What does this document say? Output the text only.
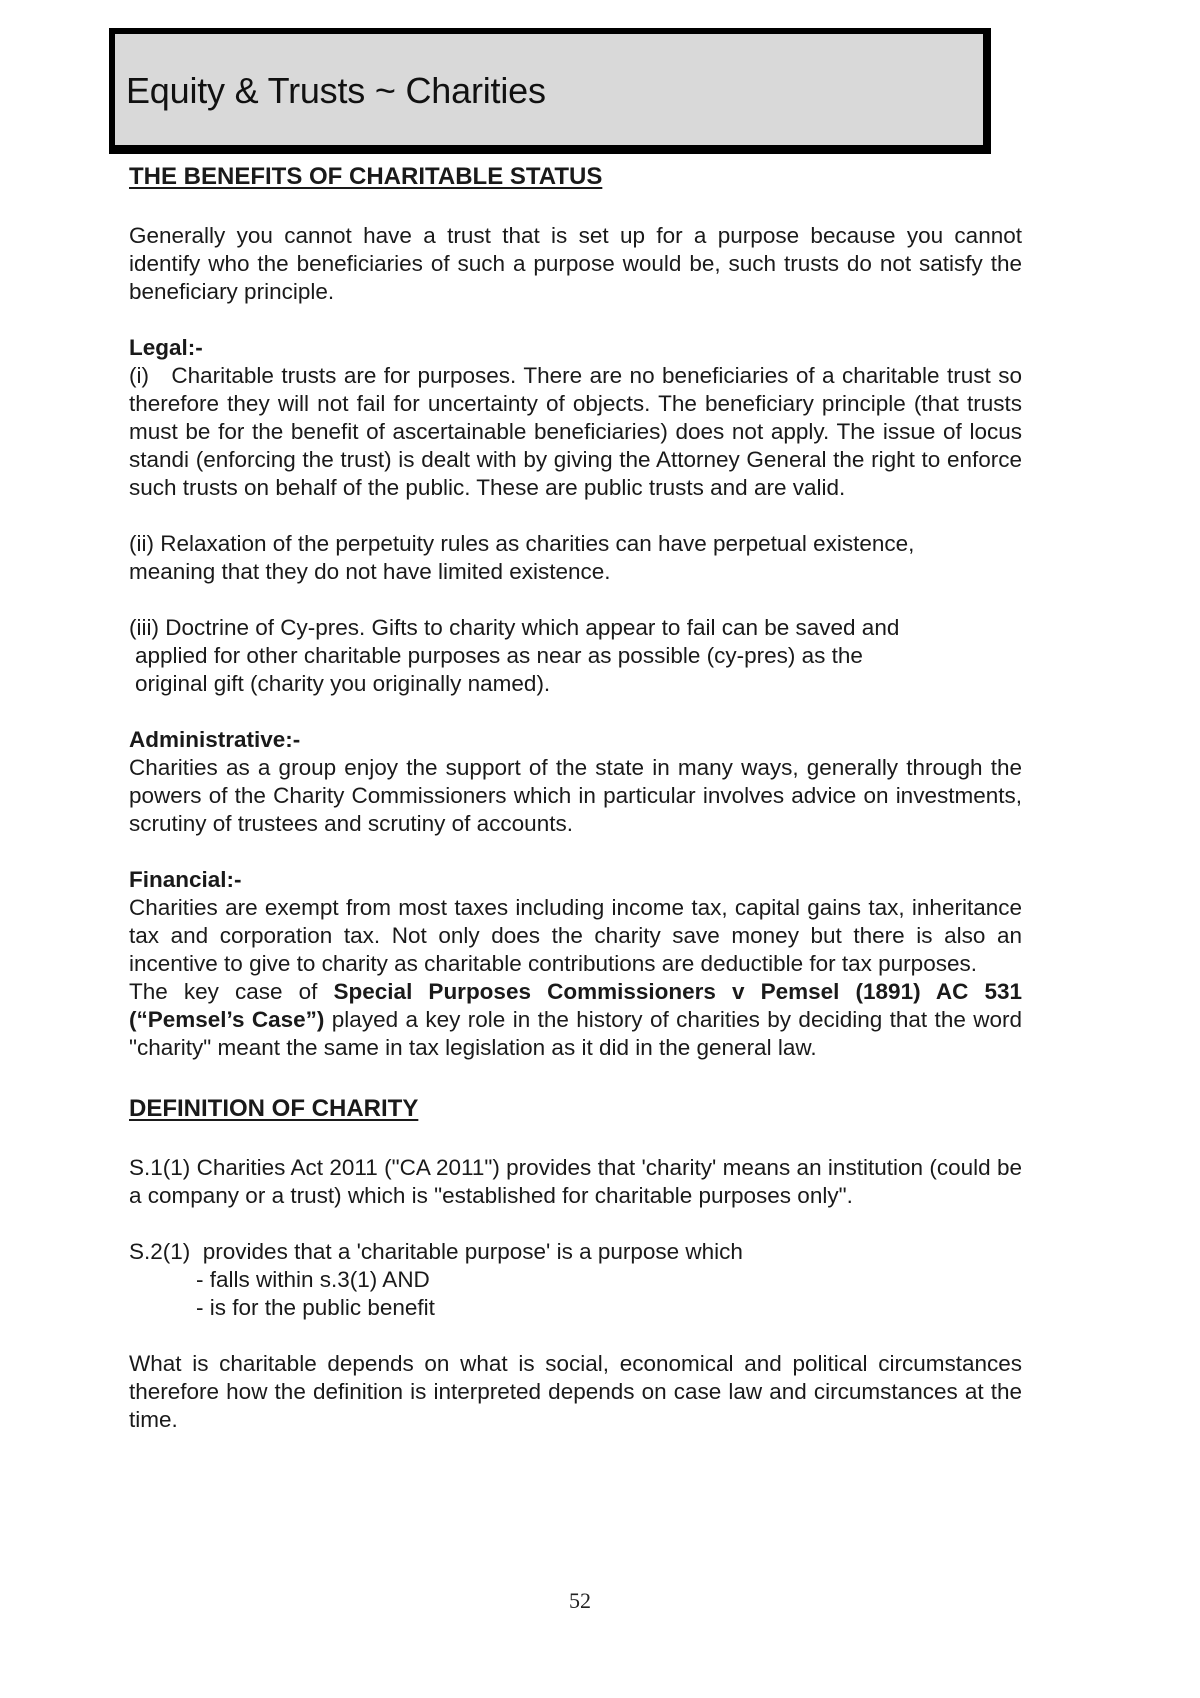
Equity & Trusts ~ Charities

THE BENEFITS OF CHARITABLE STATUS

Generally you cannot have a trust that is set up for a purpose because you cannot identify who the beneficiaries of such a purpose would be, such trusts do not satisfy the beneficiary principle.

Legal:-

(i)   Charitable trusts are for purposes. There are no beneficiaries of a charitable trust so therefore they will not fail for uncertainty of objects. The beneficiary principle (that trusts must be for the benefit of ascertainable beneficiaries) does not apply. The issue of locus standi (enforcing the trust) is dealt with by giving the Attorney General the right to enforce such trusts on behalf of the public. These are public trusts and are valid.

(ii) Relaxation of the perpetuity rules as charities can have perpetual existence,
meaning that they do not have limited existence.

(iii) Doctrine of Cy-pres. Gifts to charity which appear to fail can be saved and

applied for other charitable purposes as near as possible (cy-pres) as the
original gift (charity you originally named).

Administrative:-

Charities as a group enjoy the support of the state in many ways, generally through the powers of the Charity Commissioners which in particular involves advice on investments, scrutiny of trustees and scrutiny of accounts.

Financial:-

Charities are exempt from most taxes including income tax, capital gains tax, inheritance tax and corporation tax. Not only does the charity save money but there is also an incentive to give to charity as charitable contributions are deductible for tax purposes.

The key case of Special Purposes Commissioners v Pemsel (1891) AC 531 (“Pemsel’s Case”) played a key role in the history of charities by deciding that the word "charity" meant the same in tax legislation as it did in the general law.

DEFINITION OF CHARITY

S.1(1) Charities Act 2011 ("CA 2011") provides that 'charity' means an institution (could be a company or a trust) which is "established for charitable purposes only".

S.2(1)  provides that a 'charitable purpose' is a purpose which

- falls within s.3(1) AND

- is for the public benefit

What is charitable depends on what is social, economical and political circumstances therefore how the definition is interpreted depends on case law and circumstances at the time.

52
